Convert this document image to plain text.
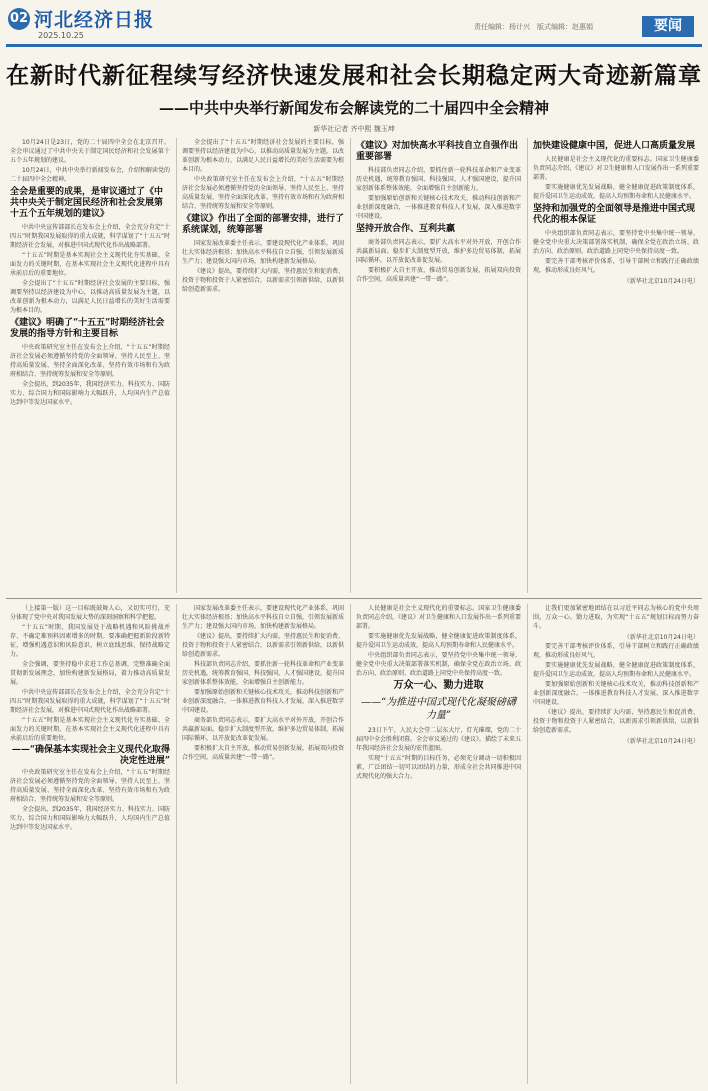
02 河北经济日报
2025.10.25
责任编辑：杨计兴　版式编辑：赵惠娟	要闻
在新时代新征程续写经济快速发展和社会长期稳定两大奇迹新篇章
——中共中央举行新闻发布会解读党的二十届四中全会精神
新华社记者 齐中熙 魏玉坤

10月24日是23日，党的二十届四中全会在北京召开，全会审议通过了中共中央关于制定国民经济和社会发展第十五个五年规划的建议。

10月24日，中共中央举行新闻发布会，介绍和解读党的二十届四中全会精神。

全会是重要的成果，是审议通过了《中共中央关于制定国民经济和社会发展第十五个五年规划的建议》

中共中央宣传部部长在发布会上介绍，全会充分肯定“十四五”时期我国发展取得的重大成就，科学谋划了“十五五”时期经济社会发展，对推进中国式现代化作出战略部署。

“十五五”时期是基本实现社会主义现代化夯实基础、全面发力的关键时期，在基本实现社会主义现代化进程中具有承前启后的重要地位。

全会提出了“十五五”时期经济社会发展的主要目标，强调要坚持以经济建设为中心，以推动高质量发展为主题，以改革创新为根本动力，以满足人民日益增长的美好生活需要为根本目的。

《建议》明确了“十五五”时期经济社会发展的指导方针和主要目标

中央政策研究室主任在发布会上介绍，“十五五”时期经济社会发展必须遵循坚持党的全面领导、坚持人民至上、坚持高质量发展、坚持全面深化改革、坚持有效市场和有为政府相结合、坚持统筹发展和安全等原则。

全会提出，到2035年，我国经济实力、科技实力、国防实力、综合国力和国际影响力大幅跃升，人均国内生产总值达到中等发达国家水平。

全会提出了“十五五”时期经济社会发展的主要目标，强调要坚持以经济建设为中心，以推动高质量发展为主题，以改革创新为根本动力，以满足人民日益增长的美好生活需要为根本目的。

中央政策研究室主任在发布会上介绍，“十五五”时期经济社会发展必须遵循坚持党的全面领导、坚持人民至上、坚持高质量发展、坚持全面深化改革、坚持有效市场和有为政府相结合、坚持统筹发展和安全等原则。

《建议》作出了全面的部署安排，进行了系统谋划，统筹部署

国家发展改革委主任表示，要建设现代化产业体系，巩固壮大实体经济根基；加快高水平科技自立自强，引领发展新质生产力；建设强大国内市场，加快构建新发展格局。

《建议》提出，要持续扩大内需，坚持惠民生和促消费、投资于物和投资于人紧密结合，以新需求引领新供给，以新供给创造新需求。

《建议》对加快高水平科技自立自强作出重要部署

科技部负责同志介绍，要抓住新一轮科技革命和产业变革历史机遇，统筹教育强国、科技强国、人才强国建设，提升国家创新体系整体效能，全面增强自主创新能力。

要加强原始创新和关键核心技术攻关，推动科技创新和产业创新深度融合，一体推进教育科技人才发展，深入推进数字中国建设。

坚持开放合作、互利共赢

商务部负责同志表示，要扩大高水平对外开放，开创合作共赢新局面。稳步扩大制度型开放，维护多边贸易体制，拓展国际循环，以开放促改革促发展。

要积极扩大自主开放，推动贸易创新发展，拓展双向投资合作空间，高质量共建“一带一路”。

加快建设健康中国，促进人口高质量发展

人民健康是社会主义现代化的重要标志。国家卫生健康委负责同志介绍，《建议》对卫生健康和人口发展作出一系列重要部署。

要实施健康优先发展战略，健全健康促进政策制度体系，提升爱国卫生运动成效，提高人均预期寿命和人民健康水平。

坚持和加强党的全面领导是推进中国式现代化的根本保证

中央组织部负责同志表示，要坚持党中央集中统一领导，健全党中央重大决策部署落实机制，确保全党在政治立场、政治方向、政治原则、政治道路上同党中央保持高度一致。

要完善干部考核评价体系，引导干部树立和践行正确政绩观，推动形成良好风气。

（新华社北京10月24日电）

（上接第一版）这一目标既鼓舞人心，又切实可行，充分体现了党中央对我国发展大势的深刻洞察和科学把握。

“十五五”时期，我国发展处于战略机遇和风险挑战并存、不确定难预料因素增多的时期。要准确把握新阶段新特征，增强机遇意识和风险意识，树立底线思维，保持战略定力。

全会强调，要坚持稳中求进工作总基调，完整准确全面贯彻新发展理念，加快构建新发展格局，着力推动高质量发展。

中共中央宣传部部长在发布会上介绍，全会充分肯定“十四五”时期我国发展取得的重大成就，科学谋划了“十五五”时期经济社会发展，对推进中国式现代化作出战略部署。

“十五五”时期是基本实现社会主义现代化夯实基础、全面发力的关键时期，在基本实现社会主义现代化进程中具有承前启后的重要地位。

——“确保基本实现社会主义现代化取得决定性进展”

中央政策研究室主任在发布会上介绍，“十五五”时期经济社会发展必须遵循坚持党的全面领导、坚持人民至上、坚持高质量发展、坚持全面深化改革、坚持有效市场和有为政府相结合、坚持统筹发展和安全等原则。

全会提出，到2035年，我国经济实力、科技实力、国防实力、综合国力和国际影响力大幅跃升，人均国内生产总值达到中等发达国家水平。

国家发展改革委主任表示，要建设现代化产业体系，巩固壮大实体经济根基；加快高水平科技自立自强，引领发展新质生产力；建设强大国内市场，加快构建新发展格局。

《建议》提出，要持续扩大内需，坚持惠民生和促消费、投资于物和投资于人紧密结合，以新需求引领新供给，以新供给创造新需求。

科技部负责同志介绍，要抓住新一轮科技革命和产业变革历史机遇，统筹教育强国、科技强国、人才强国建设，提升国家创新体系整体效能，全面增强自主创新能力。

要加强原始创新和关键核心技术攻关，推动科技创新和产业创新深度融合，一体推进教育科技人才发展，深入推进数字中国建设。

商务部负责同志表示，要扩大高水平对外开放，开创合作共赢新局面。稳步扩大制度型开放，维护多边贸易体制，拓展国际循环，以开放促改革促发展。

要积极扩大自主开放，推动贸易创新发展，拓展双向投资合作空间，高质量共建“一带一路”。

人民健康是社会主义现代化的重要标志。国家卫生健康委负责同志介绍，《建议》对卫生健康和人口发展作出一系列重要部署。

要实施健康优先发展战略，健全健康促进政策制度体系，提升爱国卫生运动成效，提高人均预期寿命和人民健康水平。

中央组织部负责同志表示，要坚持党中央集中统一领导，健全党中央重大决策部署落实机制，确保全党在政治立场、政治方向、政治原则、政治道路上同党中央保持高度一致。

万众一心、勠力进取
——“为推进中国式现代化凝聚磅礴力量”

23日下午，人民大会堂二层东大厅，灯光璀璨，党的二十届四中全会胜利闭幕。全会审议通过的《建议》，描绘了未来五年我国经济社会发展的宏伟蓝图。

实现“十五五”时期的目标任务，必须充分调动一切积极因素，广泛团结一切可以团结的力量，形成全社会共同推进中国式现代化的强大合力。

让我们更加紧密地团结在以习近平同志为核心的党中央周围，万众一心、勠力进取，为实现“十五五”规划目标而努力奋斗。

（新华社北京10月24日电）

要完善干部考核评价体系，引导干部树立和践行正确政绩观，推动形成良好风气。

要实施健康优先发展战略，健全健康促进政策制度体系，提升爱国卫生运动成效，提高人均预期寿命和人民健康水平。

要加强原始创新和关键核心技术攻关，推动科技创新和产业创新深度融合，一体推进教育科技人才发展，深入推进数字中国建设。

《建议》提出，要持续扩大内需，坚持惠民生和促消费、投资于物和投资于人紧密结合，以新需求引领新供给，以新供给创造新需求。

（新华社北京10月24日电）
